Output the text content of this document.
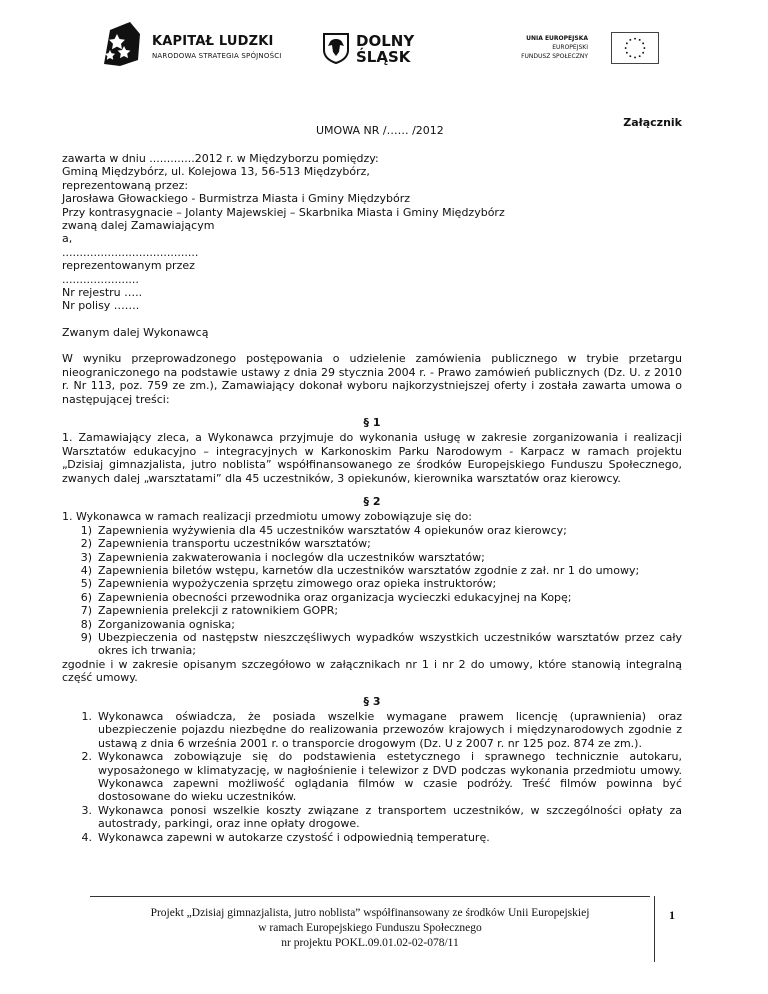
KAPITAŁ LUDZKI
NARODOWA STRATEGIA SPÓJNOŚCI
DOLNY
ŚLĄSK
UNIA EUROPEJSKA
EUROPEJSKI
FUNDUSZ SPOŁECZNY
Załącznik
UMOWA NR /…… /2012
zawarta w dniu .............2012 r. w Międzyborzu pomiędzy:
Gminą Międzybórz, ul. Kolejowa 13, 56-513 Międzybórz,
reprezentowaną przez:
Jarosława Głowackiego - Burmistrza Miasta i Gminy Międzybórz
Przy kontrasygnacie – Jolanty Majewskiej – Skarbnika Miasta i Gminy Międzybórz
zwaną dalej Zamawiającym
a,
.......................................
reprezentowanym przez
......................
Nr rejestru …..
Nr polisy …….

Zwanym dalej Wykonawcą

W wyniku przeprowadzonego postępowania o udzielenie zamówienia publicznego w trybie przetargu nieograniczonego na podstawie ustawy z dnia 29 stycznia 2004 r. - Prawo zamówień publicznych (Dz. U. z 2010 r. Nr 113, poz. 759 ze zm.), Zamawiający dokonał wyboru najkorzystniejszej oferty i została zawarta umowa o następującej treści:

§ 1

1. Zamawiający zleca, a Wykonawca przyjmuje do wykonania usługę w zakresie zorganizowania i realizacji Warsztatów edukacyjno – integracyjnych w Karkonoskim Parku Narodowym - Karpacz w ramach projektu „Dzisiaj gimnazjalista, jutro noblista” współfinansowanego ze środków Europejskiego Funduszu Społecznego, zwanych dalej „warsztatami” dla 45 uczestników, 3 opiekunów, kierownika warsztatów oraz kierowcy.

§ 2

1. Wykonawca w ramach realizacji przedmiotu umowy zobowiązuje się do:

1) Zapewnienia wyżywienia dla 45 uczestników warsztatów 4 opiekunów oraz kierowcy;
2) Zapewnienia transportu uczestników warsztatów;
3) Zapewnienia zakwaterowania i noclegów dla uczestników warsztatów;
4) Zapewnienia biletów wstępu, karnetów dla uczestników warsztatów zgodnie z zał. nr 1 do umowy;
5) Zapewnienia wypożyczenia sprzętu zimowego oraz opieka instruktorów;
6) Zapewnienia obecności przewodnika oraz organizacja wycieczki edukacyjnej na Kopę;
7) Zapewnienia prelekcji z ratownikiem GOPR;
8) Zorganizowania ogniska;
9) Ubezpieczenia od następstw nieszczęśliwych wypadków wszystkich uczestników warsztatów przez cały okres ich trwania;

zgodnie i w zakresie opisanym szczegółowo w załącznikach nr 1 i nr 2 do umowy, które stanowią integralną część umowy.

§ 3
1. Wykonawca oświadcza, że posiada wszelkie wymagane prawem licencję (uprawnienia) oraz ubezpieczenie pojazdu niezbędne do realizowania przewozów krajowych i międzynarodowych zgodnie z ustawą z dnia 6 września 2001 r. o transporcie drogowym (Dz. U z 2007 r. nr 125 poz. 874 ze zm.).
2. Wykonawca zobowiązuje się do podstawienia estetycznego i sprawnego technicznie autokaru, wyposażonego w klimatyzację, w nagłośnienie i telewizor z DVD podczas wykonania przedmiotu umowy. Wykonawca zapewni możliwość oglądania filmów w czasie podróży. Treść filmów powinna być dostosowane do wieku uczestników.
3. Wykonawca ponosi wszelkie koszty związane z transportem uczestników, w szczególności opłaty za autostrady, parkingi, oraz inne opłaty drogowe.
4. Wykonawca zapewni w autokarze czystość i odpowiednią temperaturę.
Projekt „Dzisiaj gimnazjalista, jutro noblista” współfinansowany ze środków Unii Europejskiej
w ramach Europejskiego Funduszu Społecznego
nr projektu POKL.09.01.02-02-078/11
1
